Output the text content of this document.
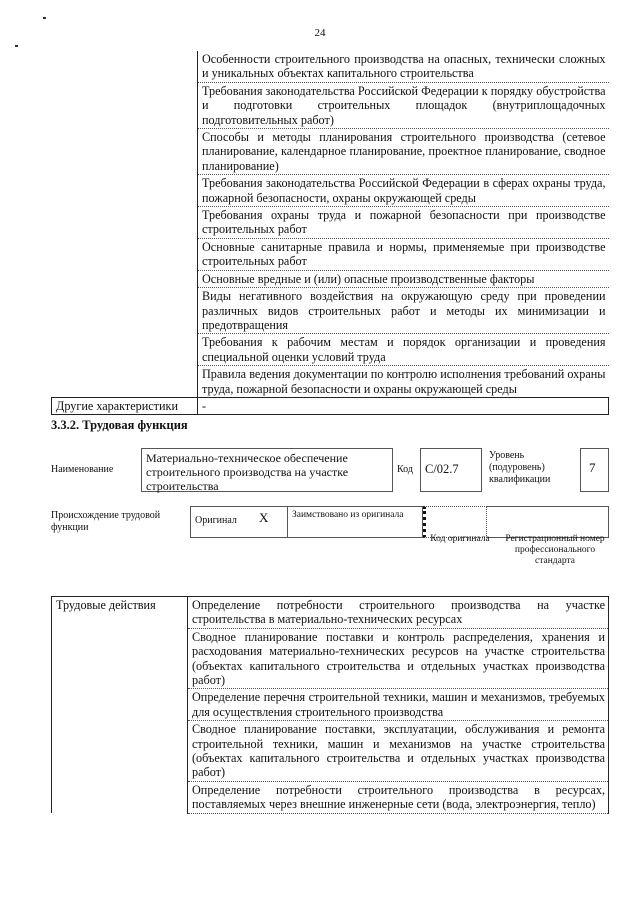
24
	Особенности строительного производства на опасных, технически сложных и уникальных объектах капитального строительства
	Требования законодательства Российской Федерации к порядку обустройства и подготовки строительных площадок (внутриплощадочных подготовительных работ)
	Способы и методы планирования строительного производства (сетевое планирование, календарное планирование, проектное планирование, сводное планирование)
	Требования законодательства Российской Федерации в сферах охраны труда, пожарной безопасности, охраны окружающей среды
	Требования охраны труда и пожарной безопасности при производстве строительных работ
	Основные санитарные правила и нормы, применяемые при производстве строительных работ
	Основные вредные и (или) опасные производственные факторы
	Виды негативного воздействия на окружающую среду при проведении различных видов строительных работ и методы их минимизации и предотвращения
	Требования к рабочим местам и порядок организации и проведения специальной оценки условий труда
	Правила ведения документации по контролю исполнения требований охраны труда, пожарной безопасности и охраны окружающей среды
Другие характеристики	-
3.3.2. Трудовая функция
Наименование
Материально-техническое обеспечение строительного производства на участке строительства
Код С/02.7
Уровень (подуровень) квалификации
7
Происхождение трудовой функции
Оригинал X Заимствовано из оригинала
Код оригинала	Регистрационный номер профессионального стандарта
Трудовые действия	Определение потребности строительного производства на участке строительства в материально-технических ресурсах
Сводное планирование поставки и контроль распределения, хранения и расходования материально-технических ресурсов на участке строительства (объектах капитального строительства и отдельных участках производства работ)
Определение перечня строительной техники, машин и механизмов, требуемых для осуществления строительного производства
Сводное планирование поставки, эксплуатации, обслуживания и ремонта строительной техники, машин и механизмов на участке строительства (объектах капитального строительства и отдельных участках производства работ)
Определение потребности строительного производства в ресурсах, поставляемых через внешние инженерные сети (вода, электроэнергия, тепло)
